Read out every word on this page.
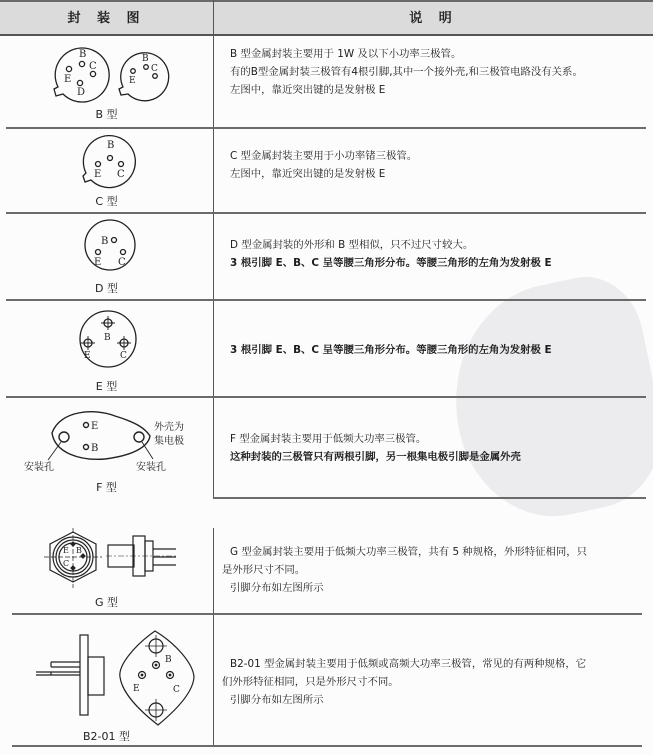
封 装 图	说 明
B
C
E
D
B
C
E
B 型

B 型金属封装主要用于 1W 及以下小功率三极管。

有的B型金属封装三极管有4根引脚,其中一个接外壳,和三极管电路没有关系。

左图中，靠近突出键的是发射极 E

B
E C
C 型

C 型金属封装主要用于小功率锗三极管。

左图中，靠近突出键的是发射极 E

B
E C
D 型

D 型金属封装的外形和 B 型相似，只不过尺寸较大。

3 根引脚 E、B、C 呈等腰三角形分布。等腰三角形的左角为发射极 E

B
E	C
E 型

3 根引脚 E、B、C 呈等腰三角形分布。等腰三角形的左角为发射极 E

E
B
外壳为
集电极
安装孔	安装孔
F 型

F 型金属封装主要用于低频大功率三极管。

这种封装的三极管只有两根引脚，另一根集电极引脚是金属外壳

E B
C
G 型

G 型金属封装主要用于低频大功率三极管，共有 5 种规格，外形特征相同，只

是外形尺寸不同。

引脚分布如左图所示

B
E	C
B2-01 型

B2-01 型金属封装主要用于低频或高频大功率三极管，常见的有两种规格，它

们外形特征相同，只是外形尺寸不同。

引脚分布如左图所示
